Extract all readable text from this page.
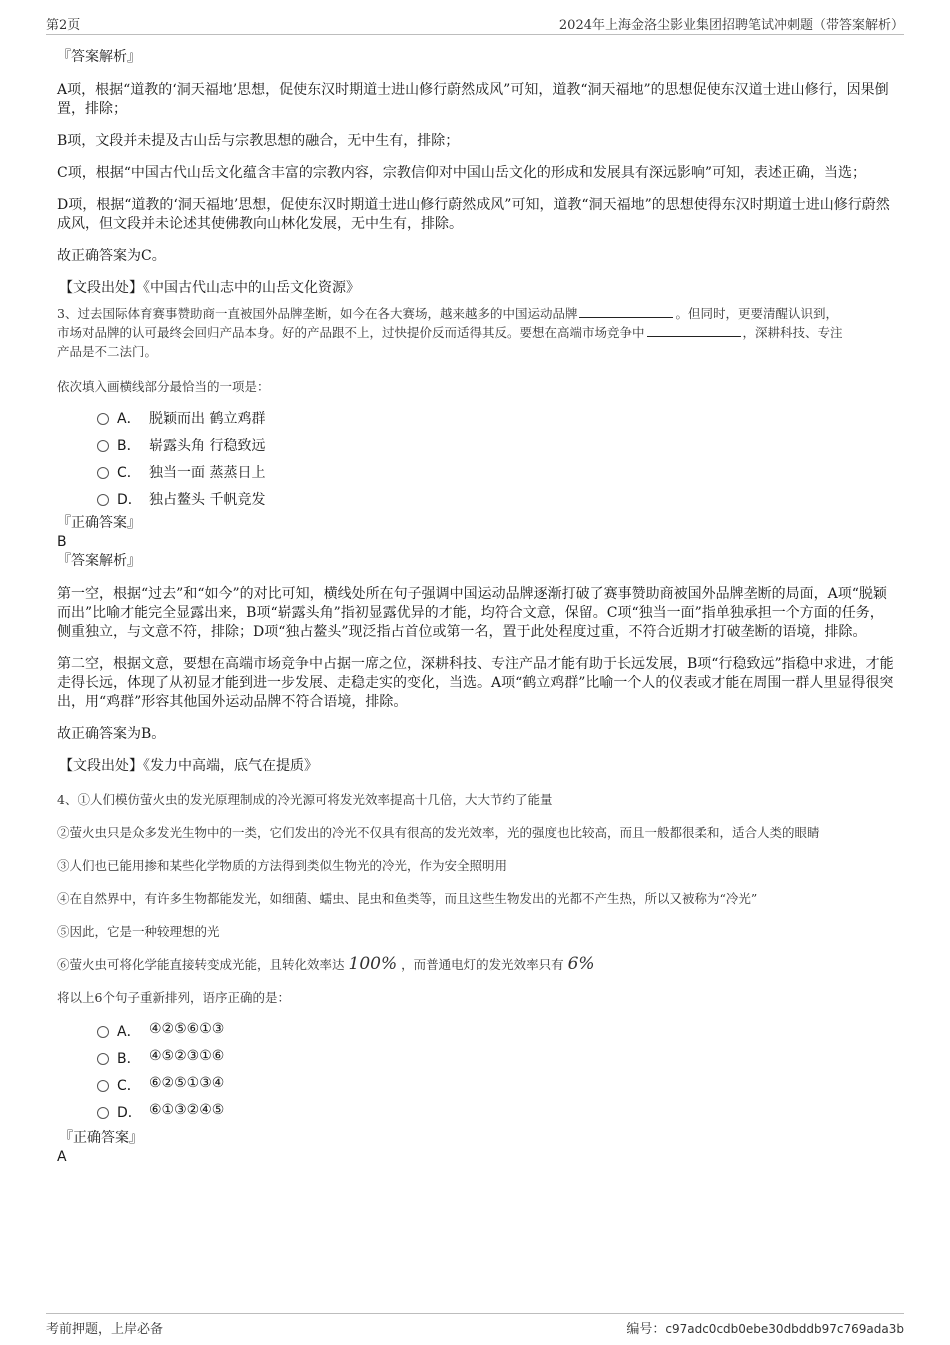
第2页	2024年上海金洛尘影业集团招聘笔试冲刺题（带答案解析）

『答案解析』

A项，根据“道教的‘洞天福地’思想，促使东汉时期道士进山修行蔚然成风”可知，道教“洞天福地”的思想促使东汉道士进山修行，因果倒置，排除；

B项，文段并未提及古山岳与宗教思想的融合，无中生有，排除；

C项，根据“中国古代山岳文化蕴含丰富的宗教内容，宗教信仰对中国山岳文化的形成和发展具有深远影响”可知，表述正确，当选；

D项，根据“道教的‘洞天福地’思想，促使东汉时期道士进山修行蔚然成风”可知，道教“洞天福地”的思想使得东汉时期道士进山修行蔚然成风，但文段并未论述其使佛教向山林化发展，无中生有，排除。

故正确答案为C。

【文段出处】《中国古代山志中的山岳文化资源》

3、过去国际体育赛事赞助商一直被国外品牌垄断，如今在各大赛场，越来越多的中国运动品牌	。但同时，更要清醒认识到，
市场对品牌的认可最终会回归产品本身。好的产品跟不上，过快提价反而适得其反。要想在高端市场竞争中	，深耕科技、专注
产品是不二法门。

依次填入画横线部分最恰当的一项是：

A． 脱颖而出 鹤立鸡群
B． 崭露头角 行稳致远
C． 独当一面 蒸蒸日上
D． 独占鳌头 千帆竞发

『正确答案』

B

『答案解析』

第一空，根据“过去”和“如今”的对比可知，横线处所在句子强调中国运动品牌逐渐打破了赛事赞助商被国外品牌垄断的局面，A项“脱颖而出”比喻才能完全显露出来，B项“崭露头角”指初显露优异的才能，均符合文意，保留。C项“独当一面”指单独承担一个方面的任务，侧重独立，与文意不符，排除；D项“独占鳌头”现泛指占首位或第一名，置于此处程度过重，不符合近期才打破垄断的语境，排除。

第二空，根据文意，要想在高端市场竞争中占据一席之位，深耕科技、专注产品才能有助于长远发展，B项“行稳致远”指稳中求进，才能走得长远，体现了从初显才能到进一步发展、走稳走实的变化，当选。A项“鹤立鸡群”比喻一个人的仪表或才能在周围一群人里显得很突出，用“鸡群”形容其他国外运动品牌不符合语境，排除。

故正确答案为B。

【文段出处】《发力中高端，底气在提质》

4、①人们模仿萤火虫的发光原理制成的冷光源可将发光效率提高十几倍，大大节约了能量

②萤火虫只是众多发光生物中的一类，它们发出的冷光不仅具有很高的发光效率，光的强度也比较高，而且一般都很柔和，适合人类的眼睛

③人们也已能用掺和某些化学物质的方法得到类似生物光的冷光，作为安全照明用

④在自然界中，有许多生物都能发光，如细菌、蠕虫、昆虫和鱼类等，而且这些生物发出的光都不产生热，所以又被称为“冷光”

⑤因此，它是一种较理想的光

⑥萤火虫可将化学能直接转变成光能，且转化效率达 100% ，而普通电灯的发光效率只有 6%

将以上6个句子重新排列，语序正确的是：

A． ④②⑤⑥①③
B． ④⑤②③①⑥
C． ⑥②⑤①③④
D． ⑥①③②④⑤

『正确答案』

A

考前押题，上岸必备	编号：c97adc0cdb0ebe30dbddb97c769ada3b
